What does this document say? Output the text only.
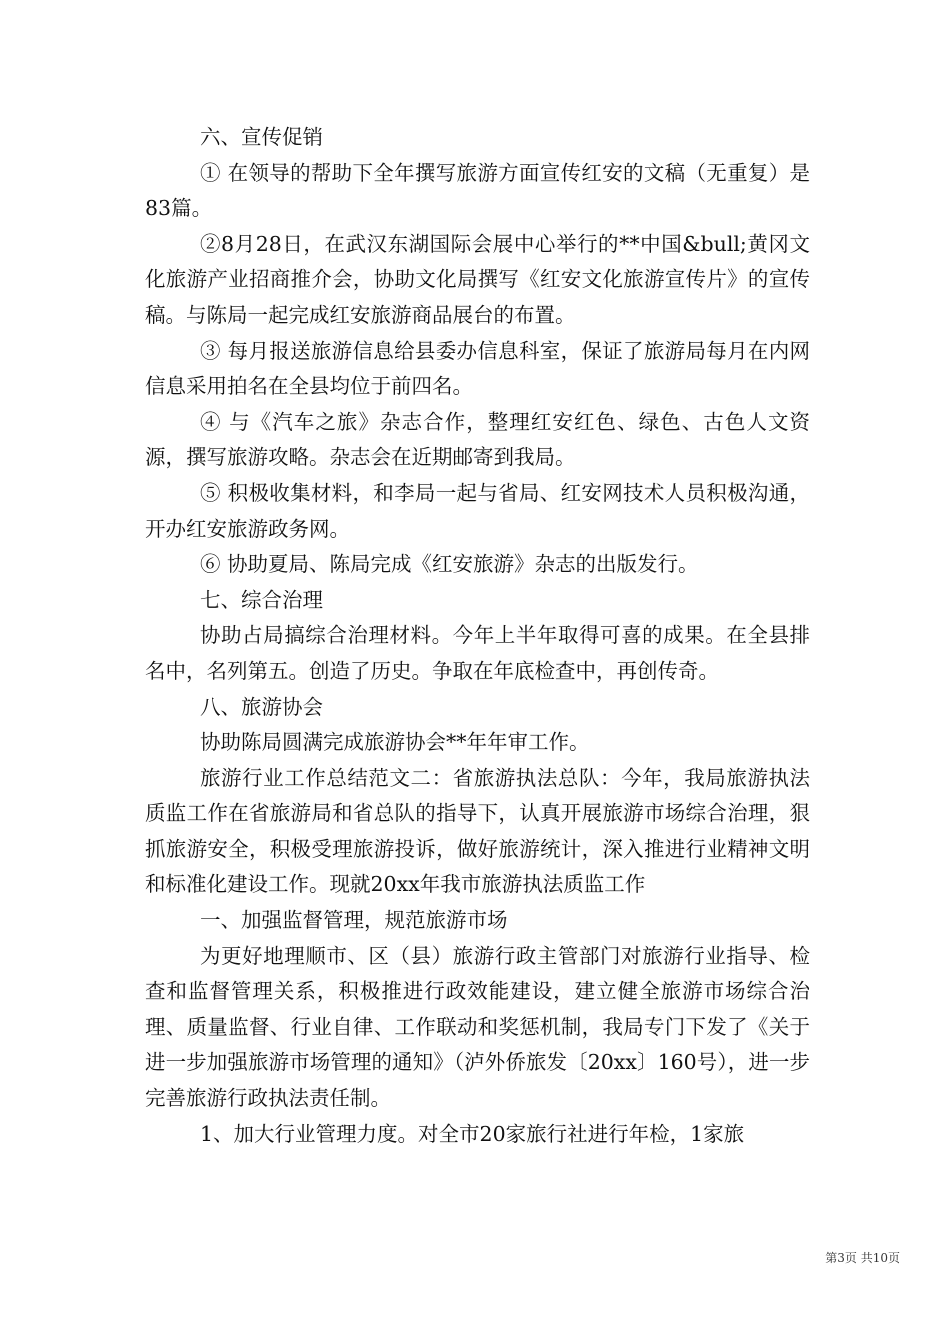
六、宣传促销

① 在领导的帮助下全年撰写旅游方面宣传红安的文稿（无重复）是83篇。

②8月28日，在武汉东湖国际会展中心举行的**中国&bull;黄冈文化旅游产业招商推介会，协助文化局撰写《红安文化旅游宣传片》的宣传稿。与陈局一起完成红安旅游商品展台的布置。

③ 每月报送旅游信息给县委办信息科室，保证了旅游局每月在内网信息采用拍名在全县均位于前四名。

④ 与《汽车之旅》杂志合作，整理红安红色、绿色、古色人文资源，撰写旅游攻略。杂志会在近期邮寄到我局。

⑤ 积极收集材料，和李局一起与省局、红安网技术人员积极沟通，开办红安旅游政务网。

⑥ 协助夏局、陈局完成《红安旅游》杂志的出版发行。

七、综合治理

协助占局搞综合治理材料。今年上半年取得可喜的成果。在全县排名中，名列第五。创造了历史。争取在年底检查中，再创传奇。

八、旅游协会

协助陈局圆满完成旅游协会**年年审工作。

旅游行业工作总结范文二：省旅游执法总队：今年，我局旅游执法质监工作在省旅游局和省总队的指导下，认真开展旅游市场综合治理，狠抓旅游安全，积极受理旅游投诉，做好旅游统计，深入推进行业精神文明和标准化建设工作。现就20xx年我市旅游执法质监工作

一、加强监督管理，规范旅游市场

为更好地理顺市、区（县）旅游行政主管部门对旅游行业指导、检查和监督管理关系，积极推进行政效能建设，建立健全旅游市场综合治理、质量监督、行业自律、工作联动和奖惩机制，我局专门下发了《关于进一步加强旅游市场管理的通知》（泸外侨旅发〔20xx〕160号），进一步完善旅游行政执法责任制。

1、加大行业管理力度。对全市20家旅行社进行年检，1家旅

第3页 共10页
